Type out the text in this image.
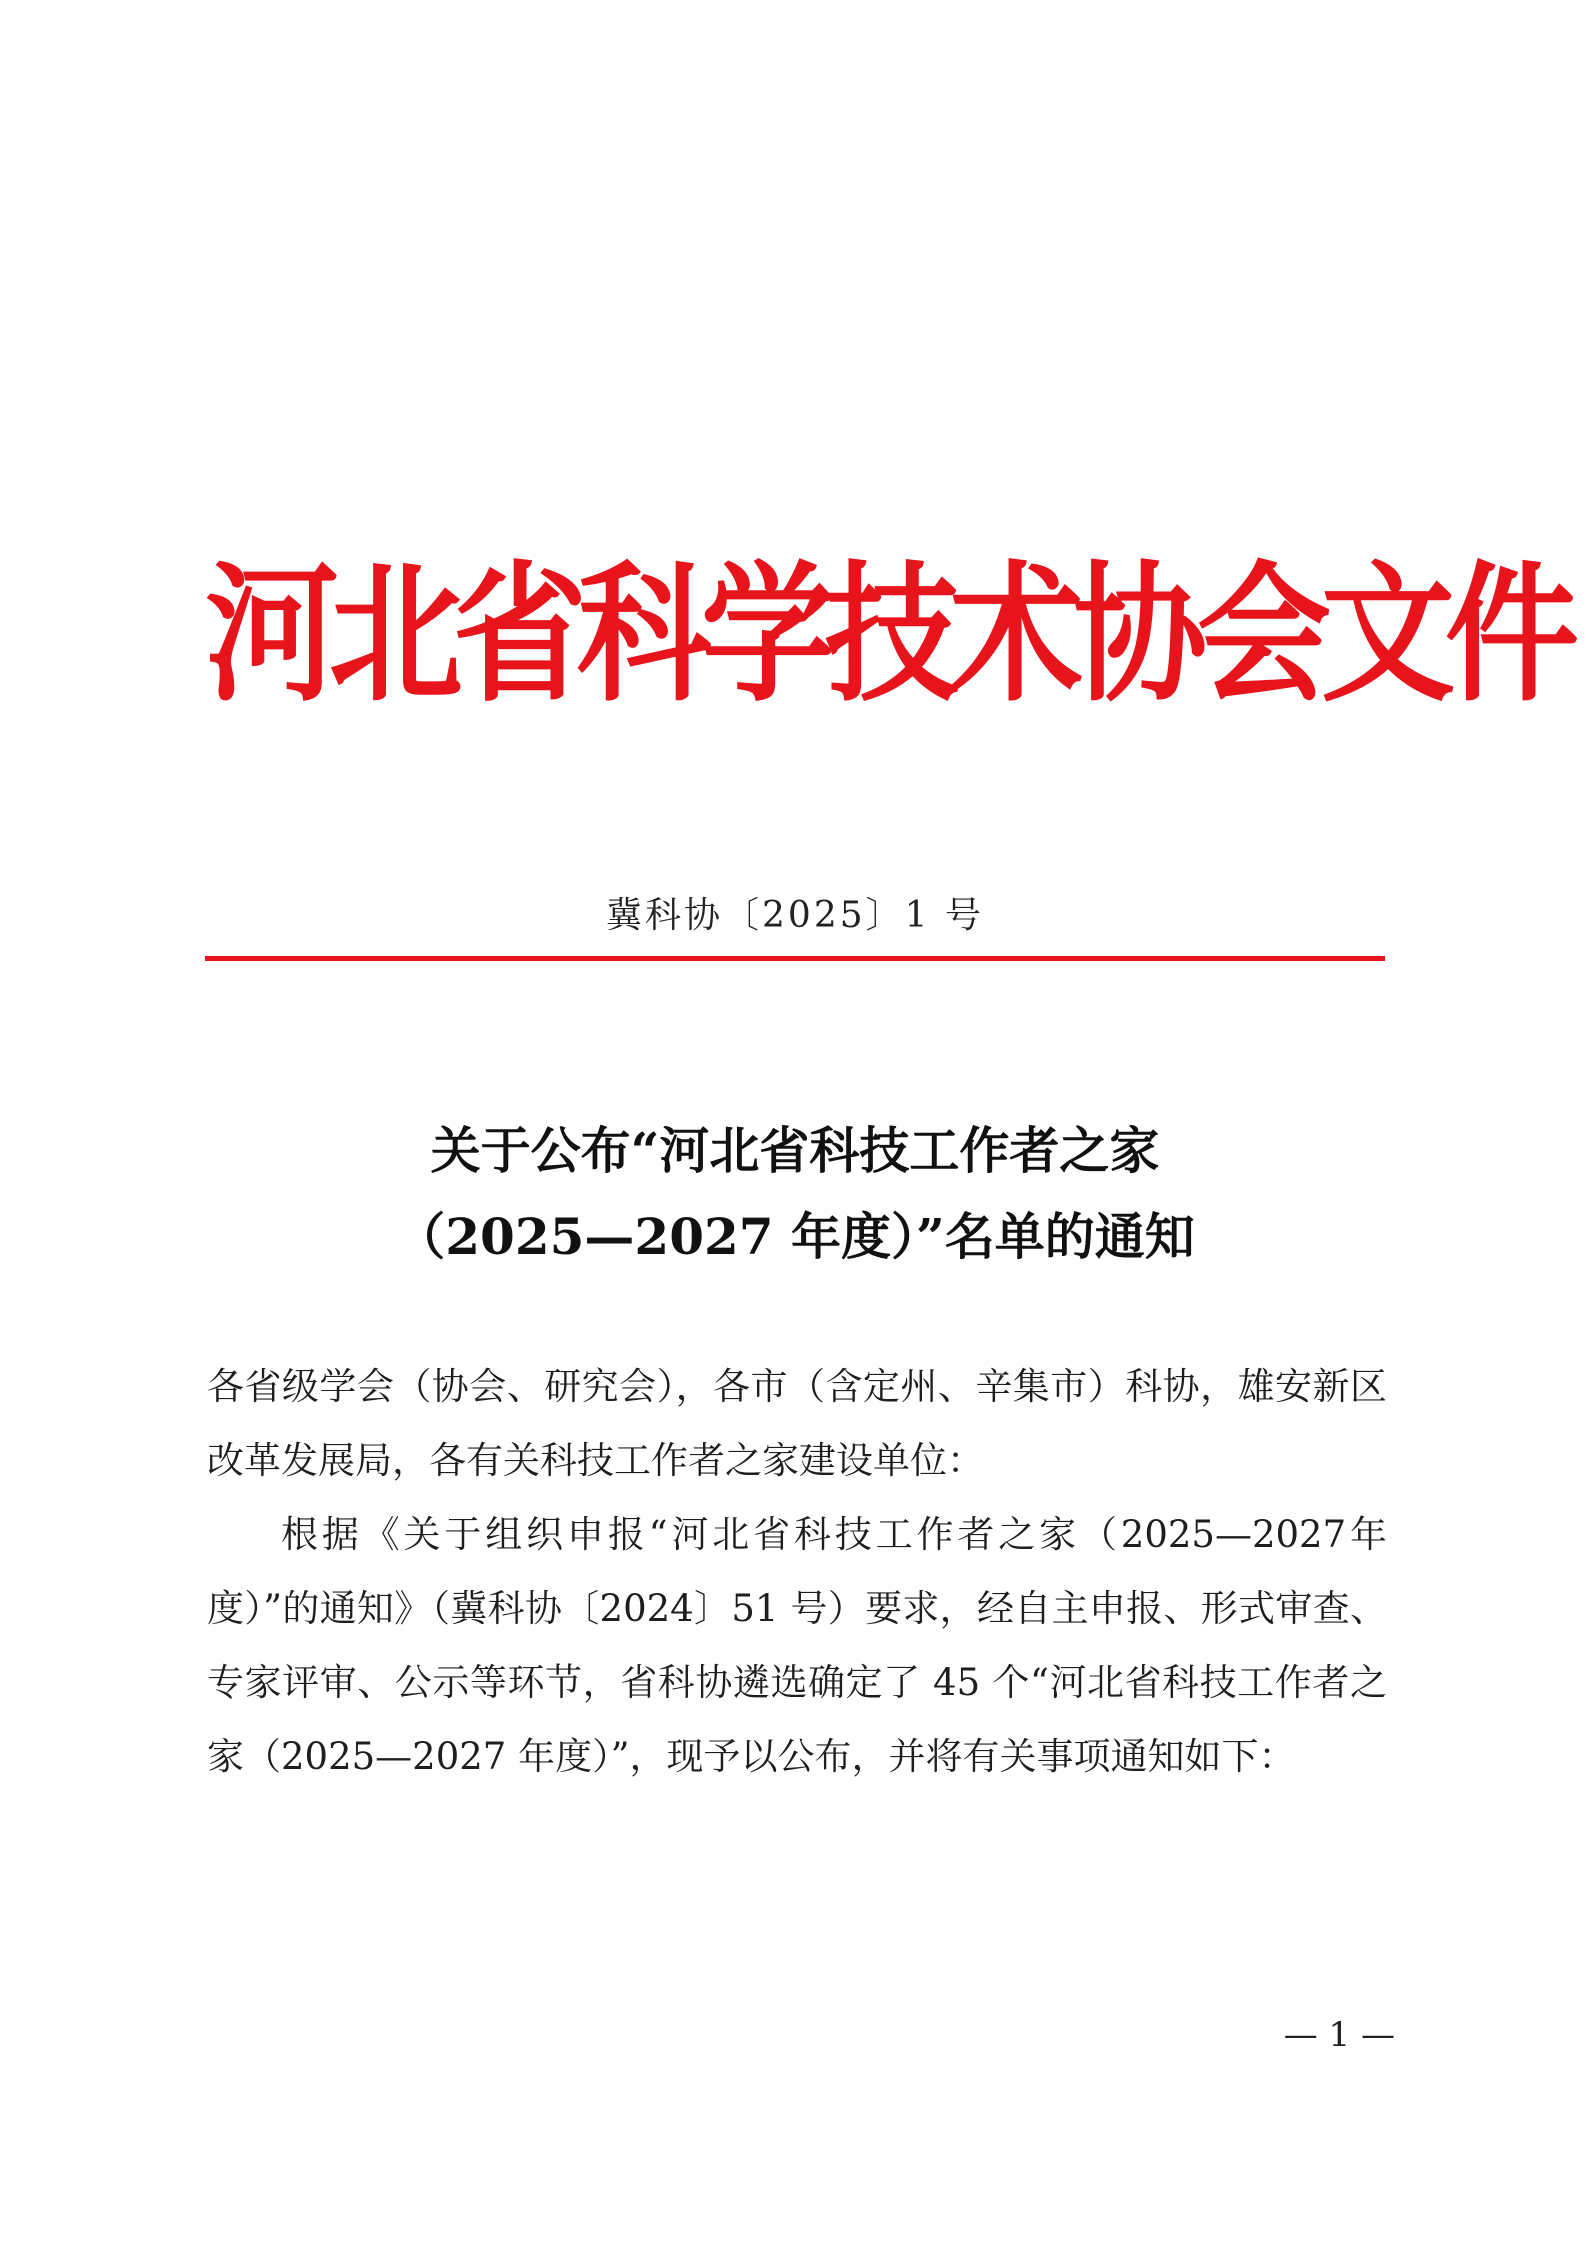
河北省科学技术协会文件
冀科协〔2025〕1 号
关于公布“河北省科技工作者之家
（2025—2027 年度）”名单的通知

各省级学会（协会、研究会），各市（含定州、辛集市）科协，雄安新区改革发展局，各有关科技工作者之家建设单位：

根据《关于组织申报“河北省科技工作者之家（2025—2027年度）”的通知》（冀科协〔2024〕51 号）要求，经自主申报、形式审查、专家评审、公示等环节，省科协遴选确定了 45 个“河北省科技工作者之家（2025—2027 年度）”，现予以公布，并将有关事项通知如下：

— 1 —
